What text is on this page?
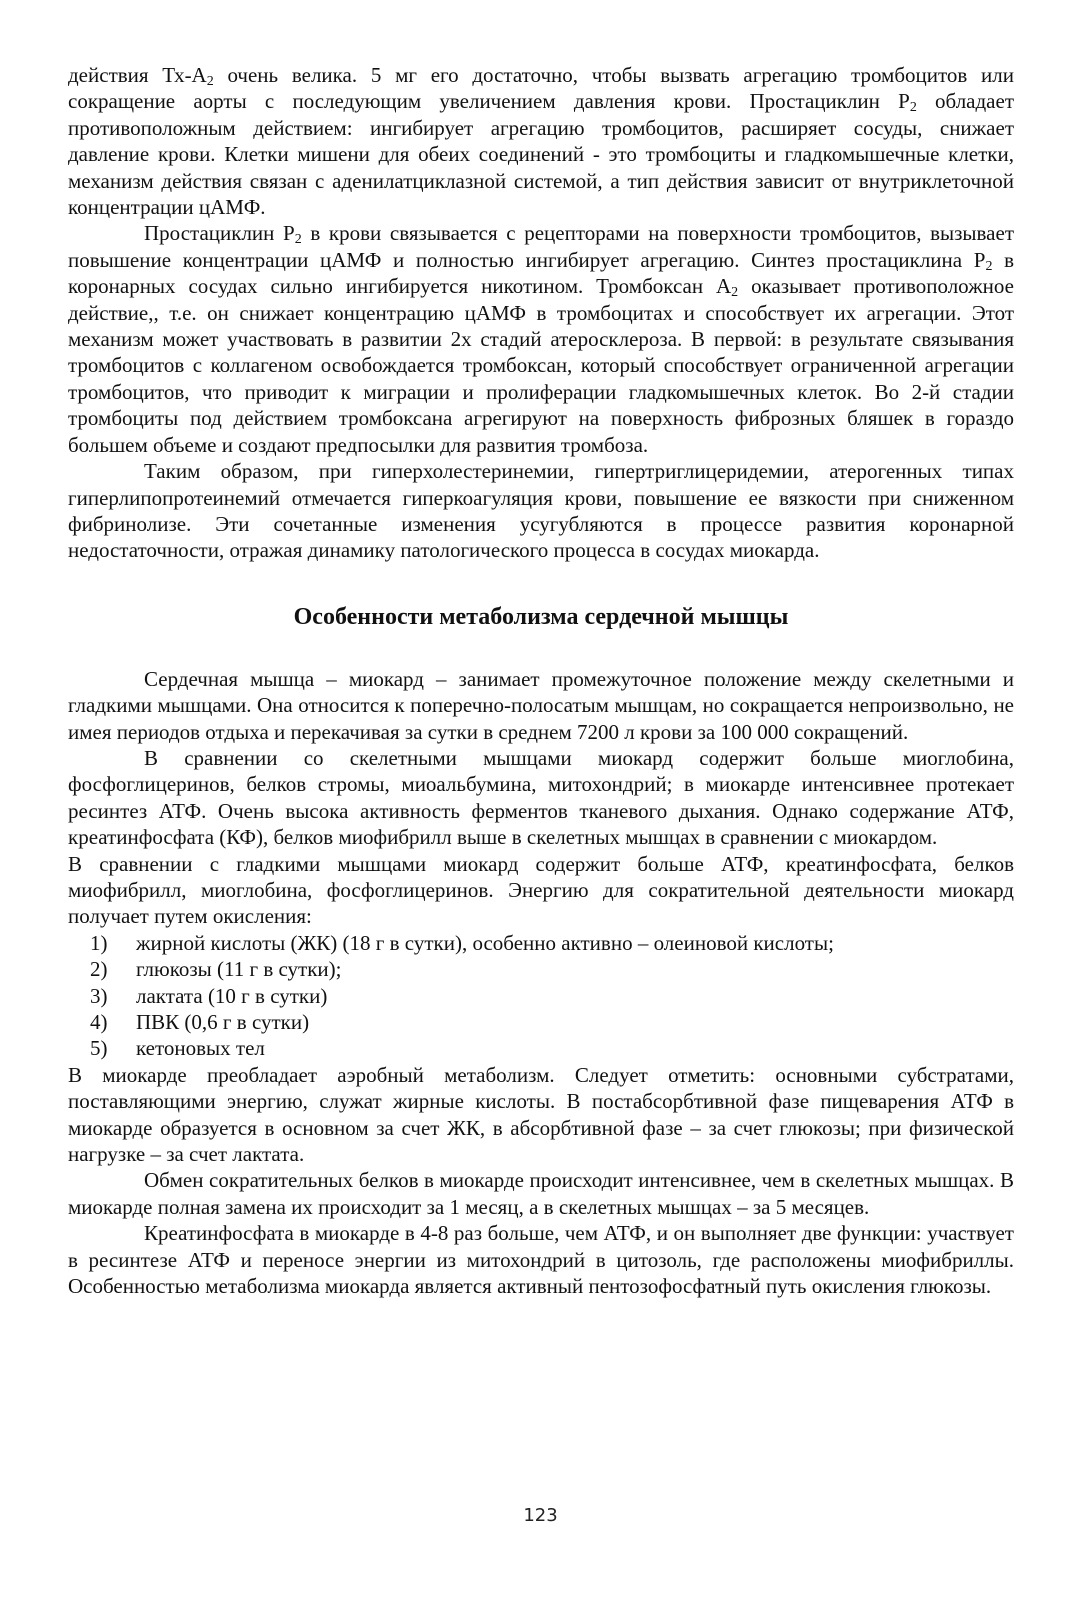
действия $Тх-А_2$ очень велика. 5 мг его достаточно, чтобы вызвать агрегацию тромбоцитов или сокращение аорты с последующим увеличением давления крови. Простациклин $Р_2$ обладает противоположным действием: ингибирует агрегацию тромбоцитов, расширяет сосуды, снижает давление крови. Клетки мишени для обеих соединений - это тромбоциты и гладкомышечные клетки, механизм действия связан с аденилатциклазной системой, а тип действия зависит от внутриклеточной концентрации цАМФ.

Простациклин $Р_2$ в крови связывается с рецепторами на поверхности тромбоцитов, вызывает повышение концентрации цАМФ и полностью ингибирует агрегацию. Синтез простациклина $Р_2$ в коронарных сосудах сильно ингибируется никотином. Тромбоксан $А_2$ оказывает противоположное действие,, т.е. он снижает концентрацию цАМФ в тромбоцитах и способствует их агрегации. Этот механизм может участвовать в развитии 2х стадий атеросклероза. В первой: в результате связывания тромбоцитов с коллагеном освобождается тромбоксан, который способствует ограниченной агрегации тромбоцитов, что приводит к миграции и пролиферации гладкомышечных клеток. Во 2-й стадии тромбоциты под действием тромбоксана агрегируют на поверхность фиброзных бляшек в гораздо большем объеме и создают предпосылки для развития тромбоза.

Таким образом, при гиперхолестеринемии, гипертриглицеридемии, атерогенных типах гиперлипопротеинемий отмечается гиперкоагуляция крови, повышение ее вязкости при сниженном фибринолизе. Эти сочетанные изменения усугубляются в процессе развития коронарной недостаточности, отражая динамику патологического процесса в сосудах миокарда.

Особенности метаболизма сердечной мышцы

Сердечная мышца – миокард – занимает промежуточное положение между скелетными и гладкими мышцами. Она относится к поперечно-полосатым мышцам, но сокращается непроизвольно, не имея периодов отдыха и перекачивая за сутки в среднем 7200 л крови за 100 000 сокращений.

В сравнении со скелетными мышцами миокард содержит больше миоглобина, фосфоглицеринов, белков стромы, миоальбумина, митохондрий; в миокарде интенсивнее протекает ресинтез АТФ. Очень высока активность ферментов тканевого дыхания. Однако содержание АТФ, креатинфосфата (КФ), белков миофибрилл выше в скелетных мышцах в сравнении с миокардом.

В сравнении с гладкими мышцами миокард содержит больше АТФ, креатинфосфата, белков миофибрилл, миоглобина, фосфоглицеринов. Энергию для сократительной деятельности миокард получает путем окисления:

1)	жирной кислоты (ЖК) (18 г в сутки), особенно активно – олеиновой кислоты;
2)	глюкозы (11 г в сутки);
3)	лактата (10 г в сутки)
4)	ПВК (0,6 г в сутки)
5)	кетоновых тел

В миокарде преобладает аэробный метаболизм. Следует отметить: основными субстратами, поставляющими энергию, служат жирные кислоты. В постабсорбтивной фазе пищеварения АТФ в миокарде образуется в основном за счет ЖК, в абсорбтивной фазе – за счет глюкозы; при физической нагрузке – за счет лактата.

Обмен сократительных белков в миокарде происходит интенсивнее, чем в скелетных мышцах. В миокарде полная замена их происходит за 1 месяц, а в скелетных мышцах – за 5 месяцев.

Креатинфосфата в миокарде в 4-8 раз больше, чем АТФ, и он выполняет две функции: участвует в ресинтезе АТФ и переносе энергии из митохондрий в цитозоль, где расположены миофибриллы. Особенностью метаболизма миокарда является активный пентозофосфатный путь окисления глюкозы.

123
